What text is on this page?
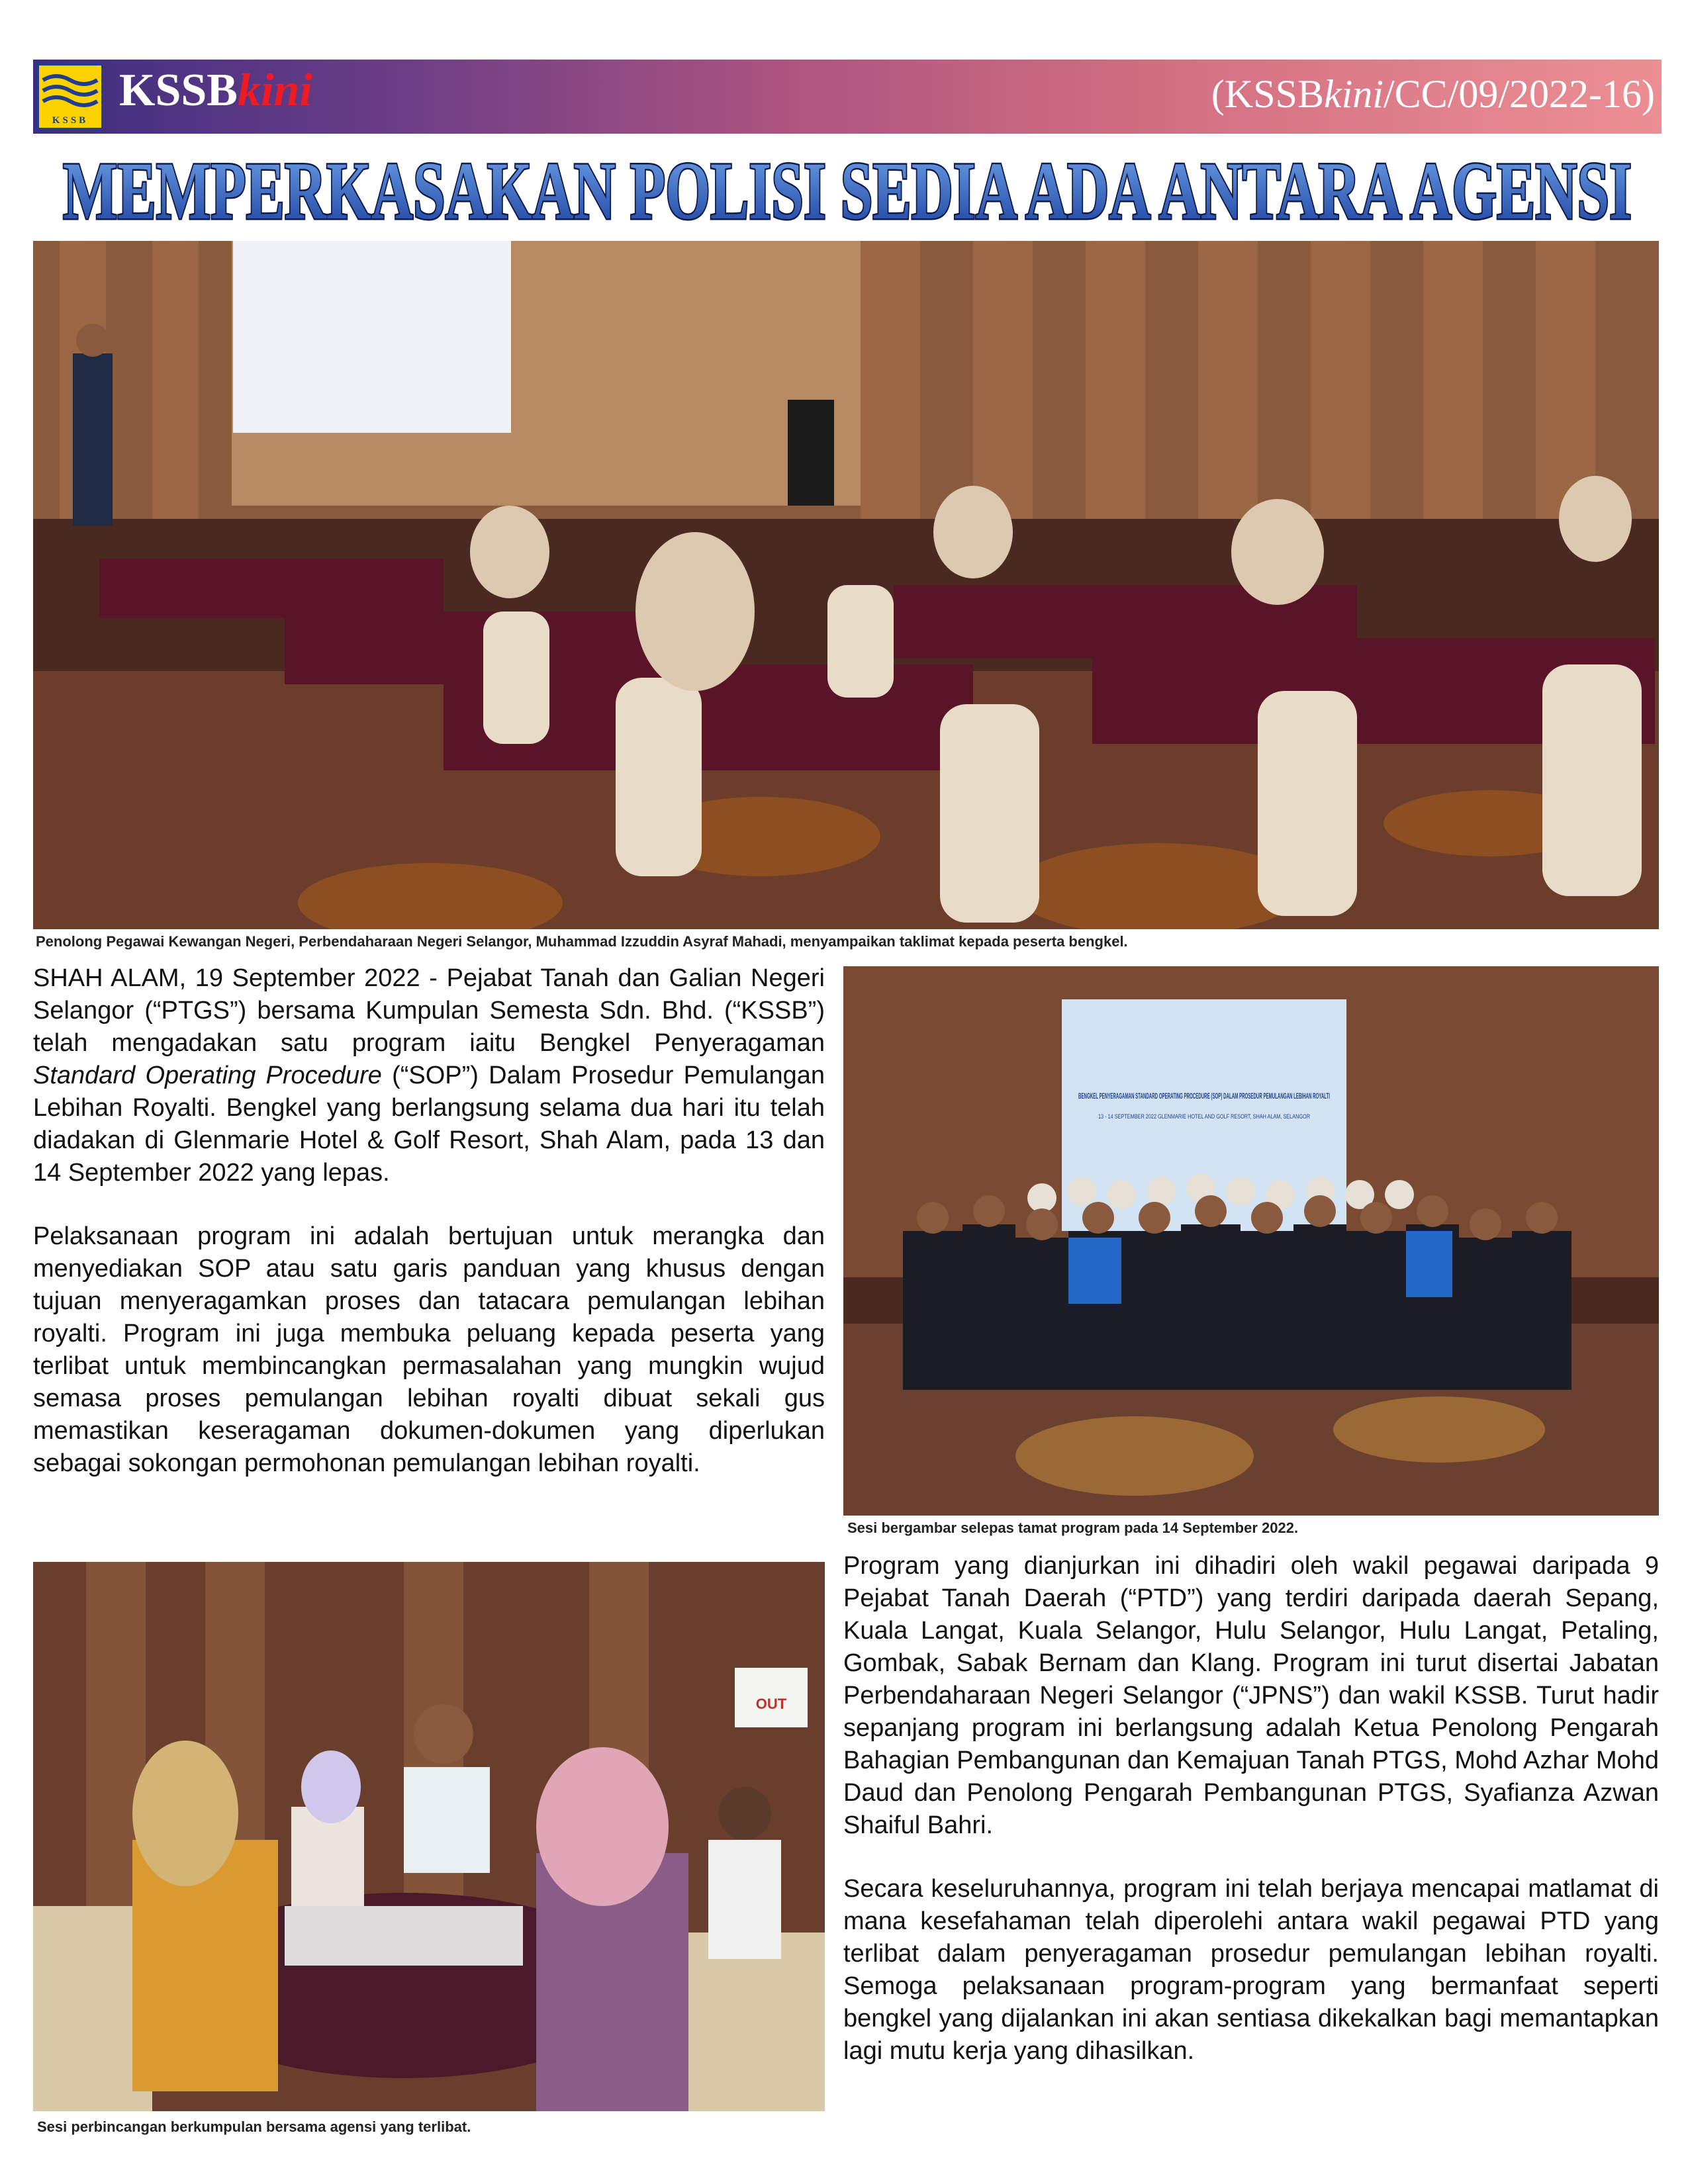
KSSB
KSSBkini	(KSSBkini/CC/09/2022-16)
MEMPERKASAKAN POLISI SEDIA ADA ANTARA AGENSI
Penolong Pegawai Kewangan Negeri, Perbendaharaan Negeri Selangor, Muhammad Izzuddin Asyraf Mahadi, menyampaikan taklimat kepada peserta bengkel.
BENGKEL PENYERAGAMAN STANDARD OPERATING PROCEDURE (SOP) DALAM PROSEDUR PEMULANGAN LEBIHAN ROYALTI
13 - 14 SEPTEMBER 2022 GLENMARIE HOTEL AND GOLF RESORT, SHAH ALAM, SELANGOR
Sesi bergambar selepas tamat program pada 14 September 2022.
OUT
Sesi perbincangan berkumpulan bersama agensi yang terlibat.

SHAH ALAM, 19 September 2022 - Pejabat Tanah dan Galian Negeri Selangor (“PTGS”) bersama Kumpulan Semesta Sdn. Bhd. (“KSSB”) telah mengadakan satu program iaitu Bengkel Penyeragaman Standard Operating Procedure (“SOP”) Dalam Prosedur Pemulangan Lebihan Royalti. Bengkel yang berlangsung selama dua hari itu telah diadakan di Glenmarie Hotel & Golf Resort, Shah Alam, pada 13 dan 14 September 2022 yang lepas.

Pelaksanaan program ini adalah bertujuan untuk merangka dan menyediakan SOP atau satu garis panduan yang khusus dengan tujuan menyeragamkan proses dan tatacara pemulangan lebihan royalti. Program ini juga membuka peluang kepada peserta yang terlibat untuk membincangkan permasalahan yang mungkin wujud semasa proses pemulangan lebihan royalti dibuat sekali gus memastikan keseragaman dokumen-dokumen yang diperlukan sebagai sokongan permohonan pemulangan lebihan royalti.

Program yang dianjurkan ini dihadiri oleh wakil pegawai daripada 9 Pejabat Tanah Daerah (“PTD”) yang terdiri daripada daerah Sepang, Kuala Langat, Kuala Selangor, Hulu Selangor, Hulu Langat, Petaling, Gombak, Sabak Bernam dan Klang. Program ini turut disertai Jabatan Perbendaharaan Negeri Selangor (“JPNS”) dan wakil KSSB. Turut hadir sepanjang program ini berlangsung adalah Ketua Penolong Pengarah Bahagian Pembangunan dan Kemajuan Tanah PTGS, Mohd Azhar Mohd Daud dan Penolong Pengarah Pembangunan PTGS, Syafianza Azwan Shaiful Bahri.

Secara keseluruhannya, program ini telah berjaya mencapai matlamat di mana kesefahaman telah diperolehi antara wakil pegawai PTD yang terlibat dalam penyeragaman prosedur pemulangan lebihan royalti. Semoga pelaksanaan program-program yang bermanfaat seperti bengkel yang dijalankan ini akan sentiasa dikekalkan bagi memantapkan lagi mutu kerja yang dihasilkan.
